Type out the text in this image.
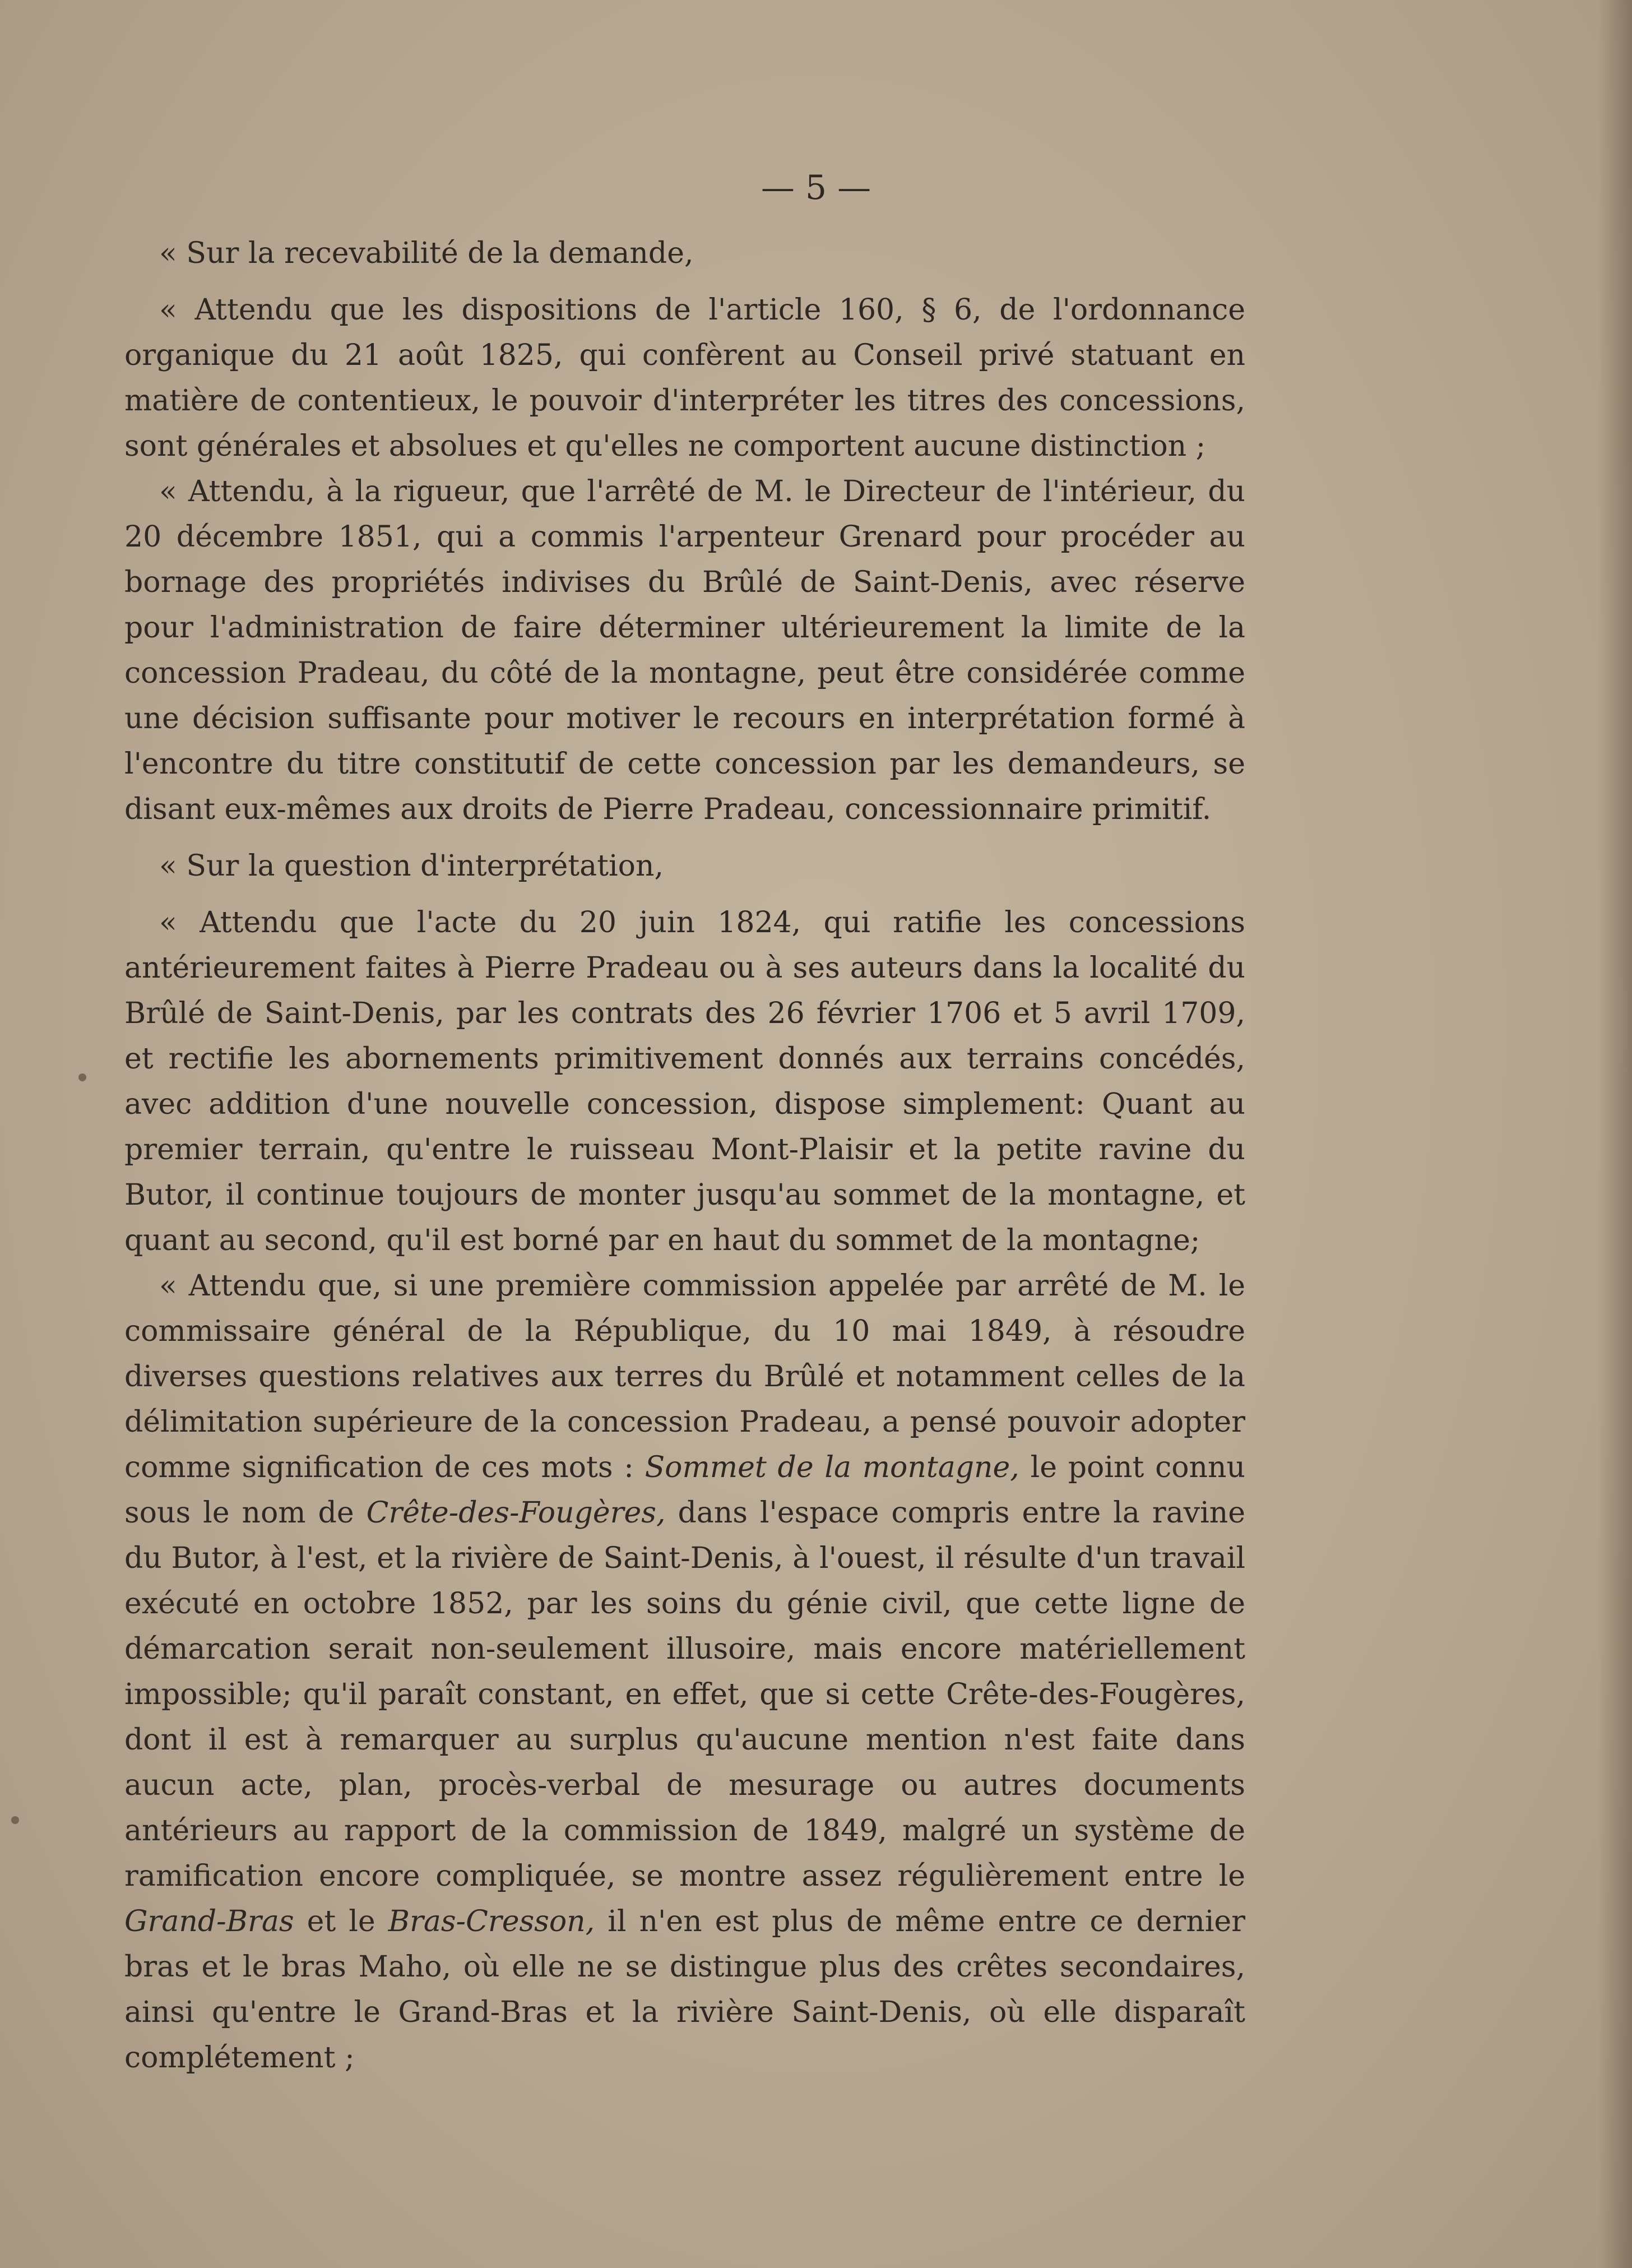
— 5 —

« Sur la recevabilité de la demande,

« Attendu que les dispositions de l'article 160, § 6, de l'ordonnance organique du 21 août 1825, qui confèrent au Conseil privé statuant en matière de contentieux, le pouvoir d'interpréter les titres des concessions, sont générales et absolues et qu'elles ne comportent aucune distinction ;

« Attendu, à la rigueur, que l'arrêté de M. le Directeur de l'intérieur, du 20 décembre 1851, qui a commis l'arpenteur Grenard pour procéder au bornage des propriétés indivises du Brûlé de Saint-Denis, avec réserve pour l'administration de faire déterminer ultérieurement la limite de la concession Pradeau, du côté de la montagne, peut être considérée comme une décision suffisante pour motiver le recours en interprétation formé à l'encontre du titre constitutif de cette concession par les demandeurs, se disant eux-mêmes aux droits de Pierre Pradeau, concessionnaire primitif.

« Sur la question d'interprétation,

« Attendu que l'acte du 20 juin 1824, qui ratifie les concessions antérieurement faites à Pierre Pradeau ou à ses auteurs dans la localité du Brûlé de Saint-Denis, par les contrats des 26 février 1706 et 5 avril 1709, et rectifie les abornements primitivement donnés aux terrains concédés, avec addition d'une nouvelle concession, dispose simplement: Quant au premier terrain, qu'entre le ruisseau Mont-Plaisir et la petite ravine du Butor, il continue toujours de monter jusqu'au sommet de la montagne, et quant au second, qu'il est borné par en haut du sommet de la montagne;

« Attendu que, si une première commission appelée par arrêté de M. le commissaire général de la République, du 10 mai 1849, à résoudre diverses questions relatives aux terres du Brûlé et notamment celles de la délimitation supérieure de la concession Pradeau, a pensé pouvoir adopter comme signification de ces mots : Sommet de la montagne, le point connu sous le nom de Crête-des-Fougères, dans l'espace compris entre la ravine du Butor, à l'est, et la rivière de Saint-Denis, à l'ouest, il résulte d'un travail exécuté en octobre 1852, par les soins du génie civil, que cette ligne de démarcation serait non-seulement illusoire, mais encore matériellement impossible; qu'il paraît constant, en effet, que si cette Crête-des-Fougères, dont il est à remarquer au surplus qu'aucune mention n'est faite dans aucun acte, plan, procès-verbal de mesurage ou autres documents antérieurs au rapport de la commission de 1849, malgré un système de ramification encore compliquée, se montre assez régulièrement entre le Grand-Bras et le Bras-Cresson, il n'en est plus de même entre ce dernier bras et le bras Maho, où elle ne se distingue plus des crêtes secondaires, ainsi qu'entre le Grand-Bras et la rivière Saint-Denis, où elle disparaît complétement ;
